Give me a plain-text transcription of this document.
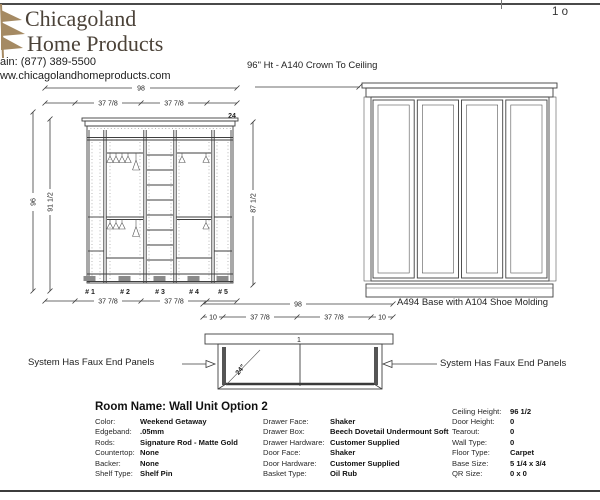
Chicagoland
Home Products
ain: (877) 389-5500
ww.chicagolandhomeproducts.com
1 o
98
37 7/8	37 7/8
96 91 1/2	87 1/2
24
# 1	# 2	# 3	# 4	# 5
37 7/8	37 7/8
96" Ht - A140 Crown To Ceiling
A494 Base with A104 Shoe Molding
98
10	37 7/8	37 7/8	10
1
24"
System Has Faux End Panels	System Has Faux End Panels
Room Name: Wall Unit Option 2
Color:	Weekend Getaway
Edgeband: .05mm
Rods:	Signature Rod - Matte Gold
Countertop: None
Backer:	None
Shelf Type: Shelf Pin
Drawer Face:	Shaker
Drawer Box:	Beech Dovetail Undermount Soft
Drawer Hardware: Customer Supplied
Door Face:	Shaker
Door Hardware: Customer Supplied
Basket Type:	Oil Rub
Ceiling Height: 96 1/2
Door Height: 0
Tearout:	0
Wall Type:	0
Floor Type:	Carpet
Base Size:	5 1/4 x 3/4
QR Size:	0 x 0
